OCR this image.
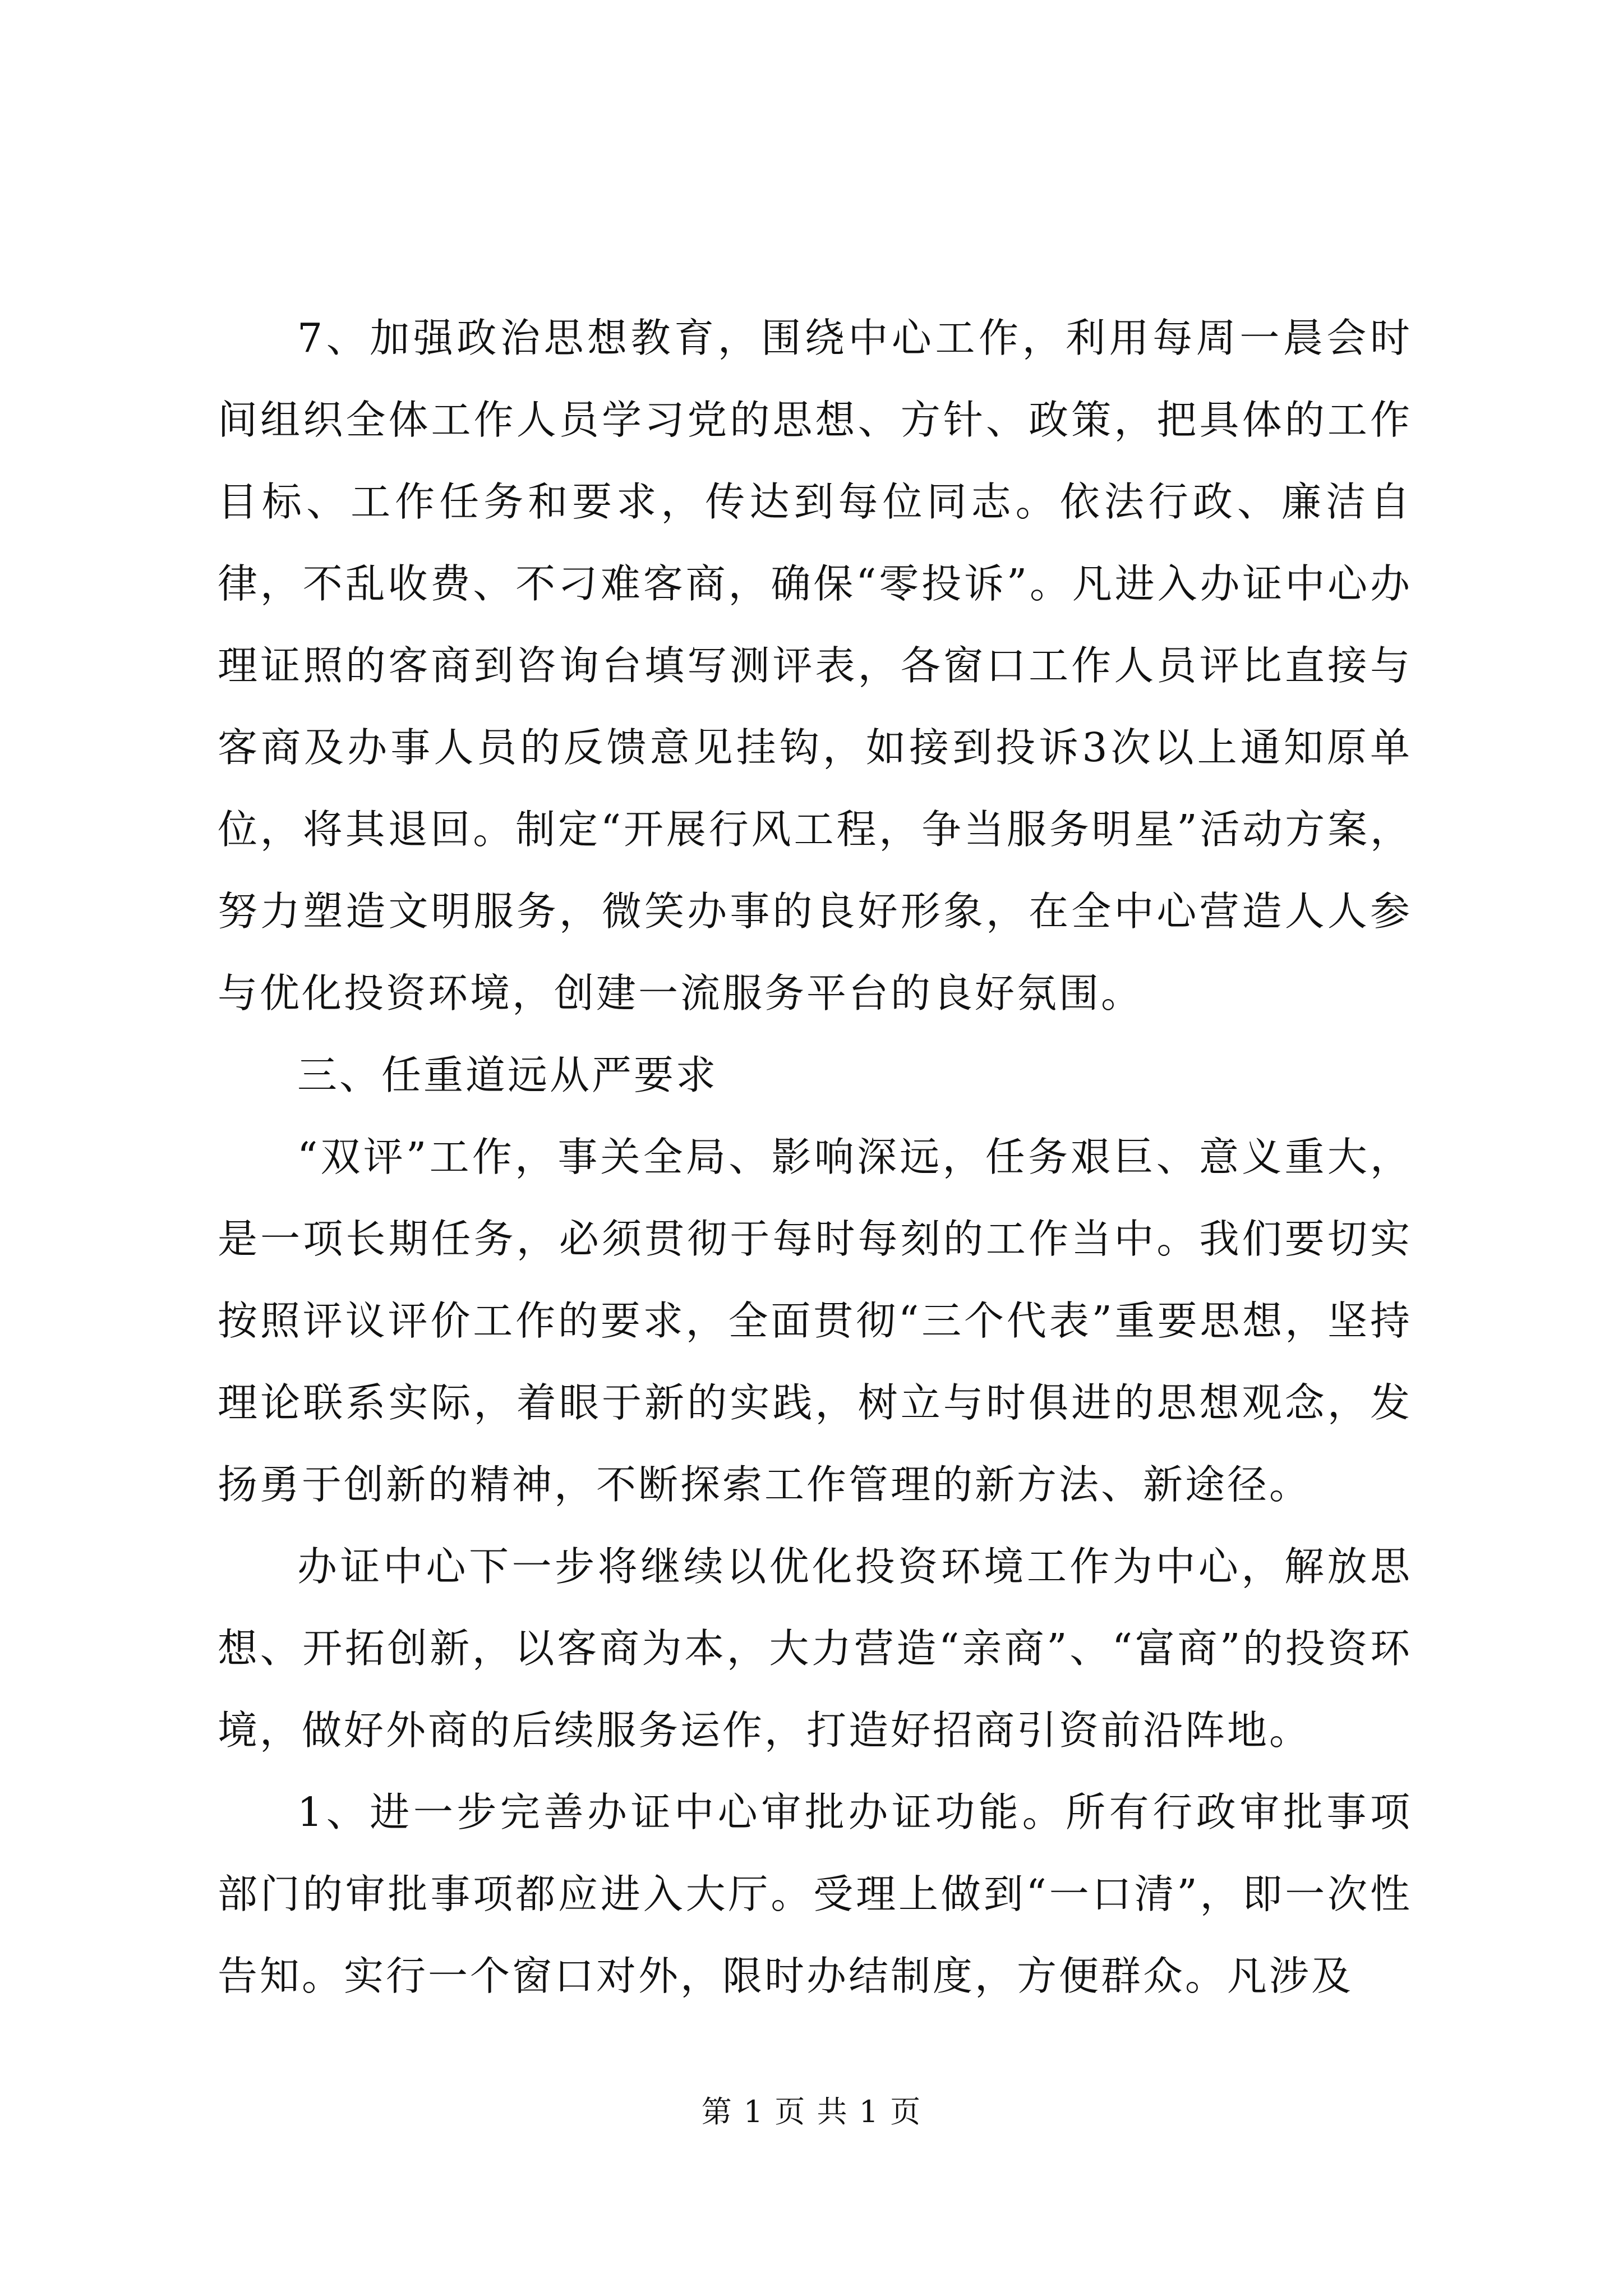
7、加强政治思想教育，围绕中心工作，利用每周一晨会时间组织全体工作人员学习党的思想、方针、政策，把具体的工作目标、工作任务和要求，传达到每位同志。依法行政、廉洁自律，不乱收费、不刁难客商，确保“零投诉”。凡进入办证中心办理证照的客商到咨询台填写测评表，各窗口工作人员评比直接与客商及办事人员的反馈意见挂钩，如接到投诉3次以上通知原单位，将其退回。制定“开展行风工程，争当服务明星”活动方案，努力塑造文明服务，微笑办事的良好形象，在全中心营造人人参与优化投资环境，创建一流服务平台的良好氛围。

三、任重道远从严要求

“双评”工作，事关全局、影响深远，任务艰巨、意义重大，是一项长期任务，必须贯彻于每时每刻的工作当中。我们要切实按照评议评价工作的要求，全面贯彻“三个代表”重要思想，坚持理论联系实际，着眼于新的实践，树立与时俱进的思想观念，发扬勇于创新的精神，不断探索工作管理的新方法、新途径。

办证中心下一步将继续以优化投资环境工作为中心，解放思想、开拓创新，以客商为本，大力营造“亲商”、“富商”的投资环境，做好外商的后续服务运作，打造好招商引资前沿阵地。

1、进一步完善办证中心审批办证功能。所有行政审批事项部门的审批事项都应进入大厅。受理上做到“一口清”，即一次性告知。实行一个窗口对外，限时办结制度，方便群众。凡涉及

第 1 页 共 1 页
